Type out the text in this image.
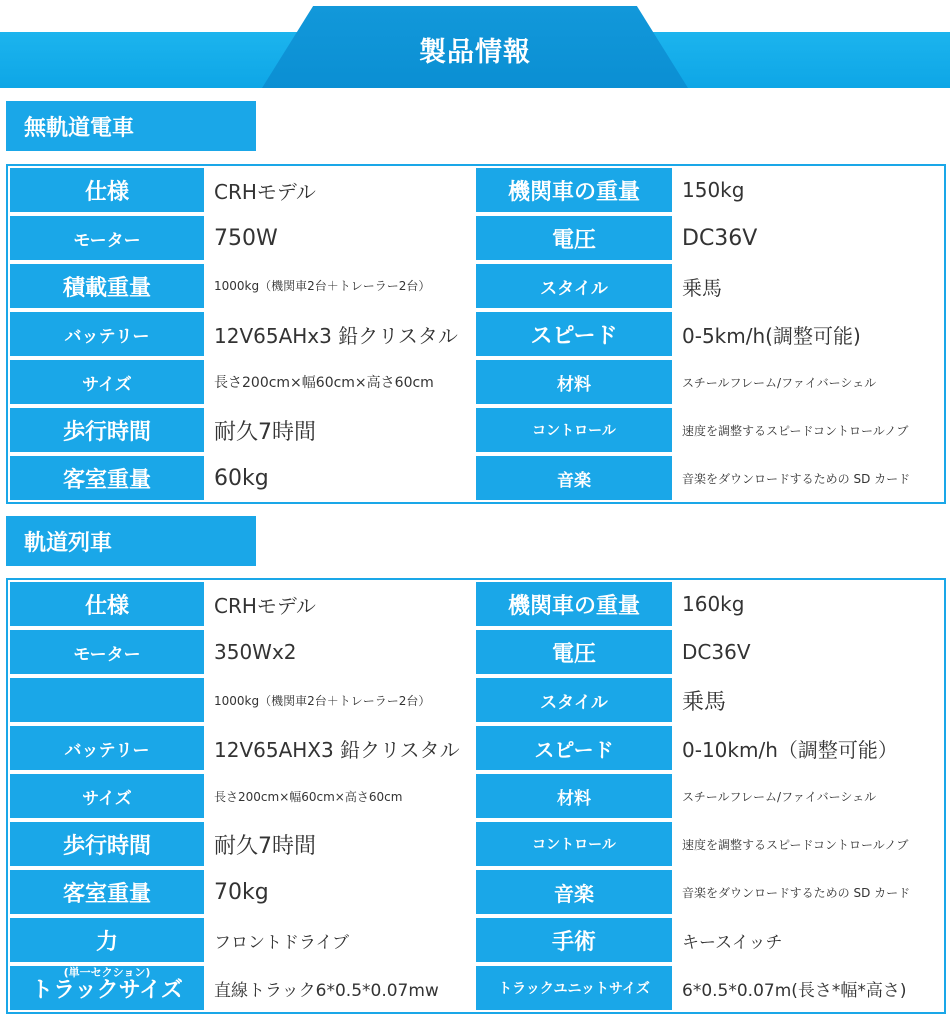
製品情報
無軌道電車
仕様	CRHモデル	機関車の重量	150kg
モーター	750W	電圧	DC36V
積載重量	1000kg（機関車2台＋トレーラー2台）	スタイル	乗馬
バッテリー	12V65AHx3 鉛クリスタル	スピード	0-5km/h(調整可能)
サイズ	長さ200cm×幅60cm×高さ60cm	材料	スチールフレーム/ファイバーシェル
歩行時間	耐久7時間	コントロール	速度を調整するスピードコントロールノブ
客室重量	60kg	音楽	音楽をダウンロードするための SD カード
軌道列車
仕様	CRHモデル	機関車の重量	160kg
モーター	350Wx2	電圧	DC36V
	1000kg（機関車2台＋トレーラー2台）	スタイル	乗馬
バッテリー	12V65AHX3 鉛クリスタル	スピード	0-10km/h（調整可能）
サイズ	長さ200cm×幅60cm×高さ60cm	材料	スチールフレーム/ファイバーシェル
歩行時間	耐久7時間	コントロール	速度を調整するスピードコントロールノブ
客室重量	70kg	音楽	音楽をダウンロードするための SD カード
力	フロントドライブ	手術	キースイッチ

(単一セクション)
トラックサイズ	直線トラック6*0.5*0.07mw	トラックユニットサイズ	6*0.5*0.07m(長さ*幅*高さ)
